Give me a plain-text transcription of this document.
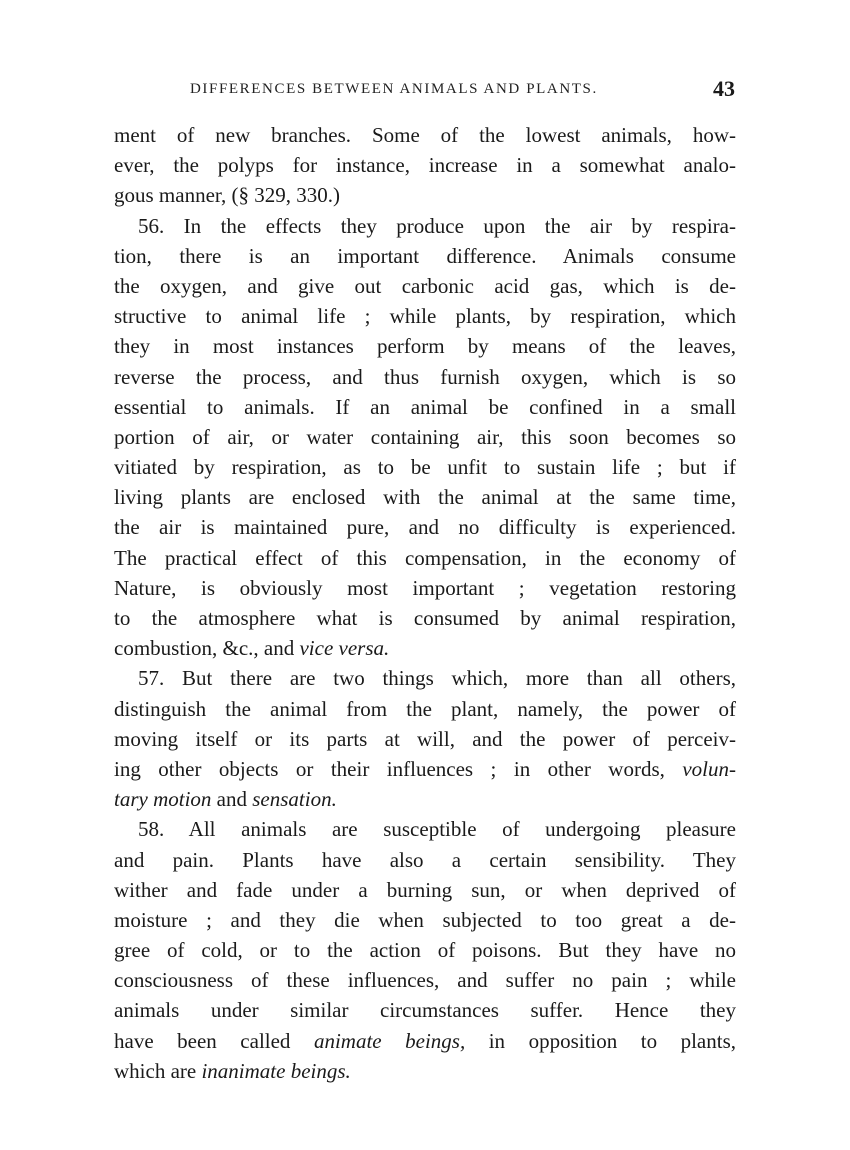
DIFFERENCES BETWEEN ANIMALS AND PLANTS.	43
ment of new branches. Some of the lowest animals, how-
ever, the polyps for instance, increase in a somewhat analo-
gous manner, (§ 329, 330.)
56. In the effects they produce upon the air by respira-
tion, there is an important difference. Animals consume
the oxygen, and give out carbonic acid gas, which is de-
structive to animal life ; while plants, by respiration, which
they in most instances perform by means of the leaves,
reverse the process, and thus furnish oxygen, which is so
essential to animals. If an animal be confined in a small
portion of air, or water containing air, this soon becomes so
vitiated by respiration, as to be unfit to sustain life ; but if
living plants are enclosed with the animal at the same time,
the air is maintained pure, and no difficulty is experienced.
The practical effect of this compensation, in the economy of
Nature, is obviously most important ; vegetation restoring
to the atmosphere what is consumed by animal respiration,
combustion, &c., and vice versa.
57. But there are two things which, more than all others,
distinguish the animal from the plant, namely, the power of
moving itself or its parts at will, and the power of perceiv-
ing other objects or their influences ; in other words, volun-
tary motion and sensation.
58. All animals are susceptible of undergoing pleasure
and pain. Plants have also a certain sensibility. They
wither and fade under a burning sun, or when deprived of
moisture ; and they die when subjected to too great a de-
gree of cold, or to the action of poisons. But they have no
consciousness of these influences, and suffer no pain ; while
animals under similar circumstances suffer. Hence they
have been called animate beings, in opposition to plants,
which are inanimate beings.
